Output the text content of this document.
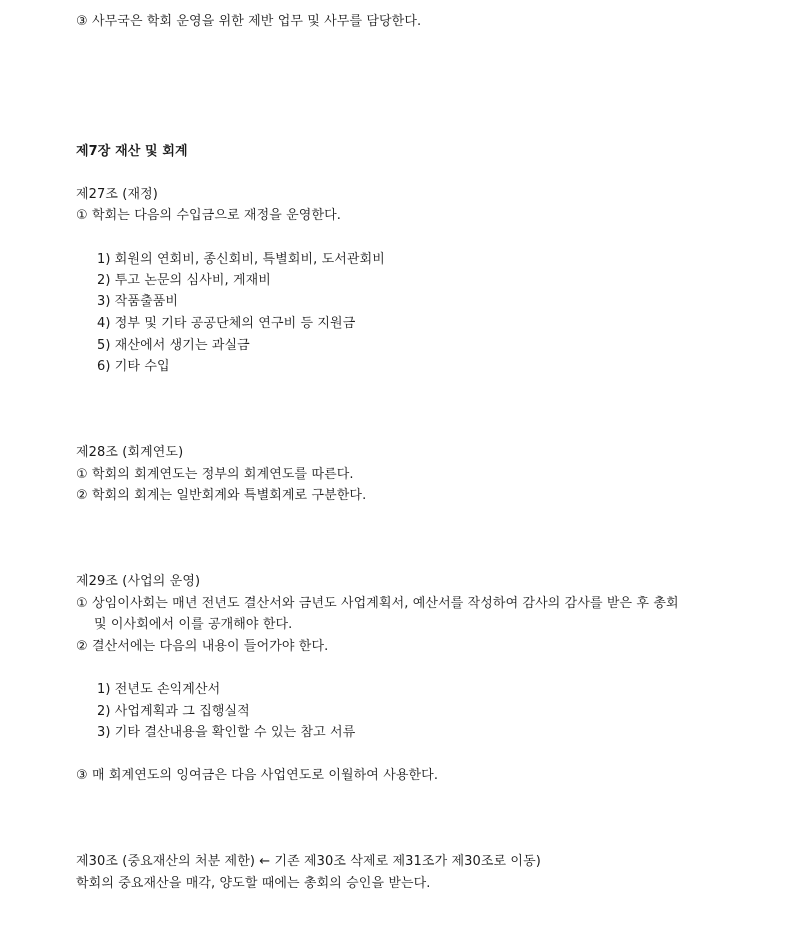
③ 사무국은 학회 운영을 위한 제반 업무 및 사무를 담당한다.
제7장 재산 및 회계
제27조 (재정)
① 학회는 다음의 수입금으로 재정을 운영한다.
1) 회원의 연회비, 종신회비, 특별회비, 도서관회비
2) 투고 논문의 심사비, 게재비
3) 작품출품비
4) 정부 및 기타 공공단체의 연구비 등 지원금
5) 재산에서 생기는 과실금
6) 기타 수입
제28조 (회계연도)
① 학회의 회계연도는 정부의 회계연도를 따른다.
② 학회의 회계는 일반회계와 특별회계로 구분한다.
제29조 (사업의 운영)
① 상임이사회는 매년 전년도 결산서와 금년도 사업계획서, 예산서를 작성하여 감사의 감사를 받은 후 총회
및 이사회에서 이를 공개해야 한다.
② 결산서에는 다음의 내용이 들어가야 한다.
1) 전년도 손익계산서
2) 사업계획과 그 집행실적
3) 기타 결산내용을 확인할 수 있는 참고 서류
③ 매 회계연도의 잉여금은 다음 사업연도로 이월하여 사용한다.
제30조 (중요재산의 처분 제한) ← 기존 제30조 삭제로 제31조가 제30조로 이동)
학회의 중요재산을 매각, 양도할 때에는 총회의 승인을 받는다.
